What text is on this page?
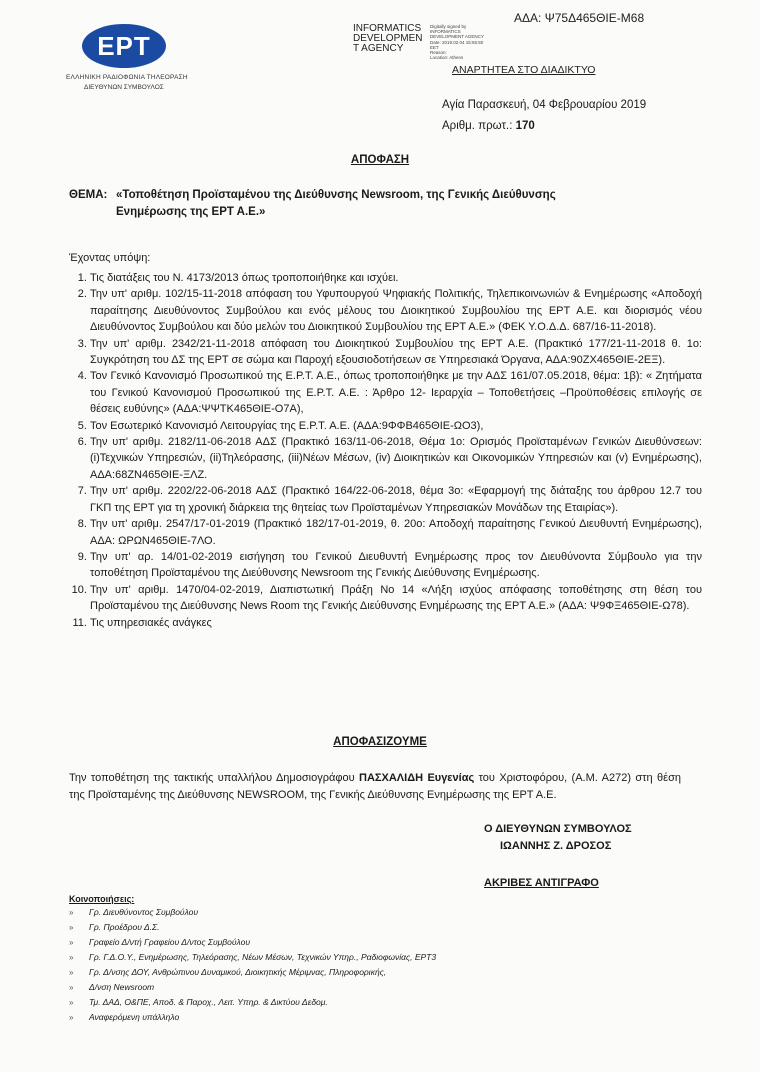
ΕΡΤ
ΕΛΛΗΝΙΚΗ ΡΑΔΙΟΦΩΝΙΑ ΤΗΛΕΟΡΑΣΗ
ΔΙΕΥΘΥΝΩΝ ΣΥΜΒΟΥΛΟΣ
INFORMATICS
DEVELOPMEN
T AGENCY
Digitally signed by
INFORMATICS
DEVELOPMENT AGENCY
Date: 2019.02.04 15:55:50
EET
Reason:
Location: Athens
ΑΔΑ: Ψ75Δ465ΘΙΕ-Μ68
ΑΝΑΡΤΗΤΕΑ ΣΤΟ ΔΙΑΔΙΚΤΥΟ
Αγία Παρασκευή, 04 Φεβρουαρίου 2019
Αριθμ. πρωτ.: 170
ΑΠΟΦΑΣΗ
ΘΕΜΑ: «Τοποθέτηση Προϊσταμένου της Διεύθυνσης Newsroom, της Γενικής Διεύθυνσης
Ενημέρωσης της ΕΡΤ Α.Ε.»
Έχοντας υπόψη:
1. Τις διατάξεις του Ν. 4173/2013 όπως τροποποιήθηκε και ισχύει.
2. Την υπ' αριθμ. 102/15-11-2018 απόφαση του Υφυπουργού Ψηφιακής Πολιτικής, Τηλεπικοινωνιών & Ενημέρωσης «Αποδοχή παραίτησης Διευθύνοντος Συμβούλου και ενός μέλους του Διοικητικού Συμβουλίου της ΕΡΤ Α.Ε. και διορισμός νέου Διευθύνοντος Συμβούλου και δύο μελών του Διοικητικού Συμβουλίου της ΕΡΤ Α.Ε.» (ΦΕΚ Υ.Ο.Δ.Δ. 687/16-11-2018).
3. Την υπ' αριθμ. 2342/21-11-2018 απόφαση του Διοικητικού Συμβουλίου της ΕΡΤ Α.Ε. (Πρακτικό 177/21-11-2018 θ. 1ο: Συγκρότηση του ΔΣ της ΕΡΤ σε σώμα και Παροχή εξουσιοδοτήσεων σε Υπηρεσιακά Όργανα, ΑΔΑ:90ΖΧ465ΘΙΕ-2ΕΞ).
4. Τον Γενικό Κανονισμό Προσωπικού της Ε.Ρ.Τ. Α.Ε., όπως τροποποιήθηκε με την ΑΔΣ 161/07.05.2018, θέμα: 1β): « Ζητήματα του Γενικού Κανονισμού Προσωπικού της Ε.Ρ.Τ. Α.Ε. : Άρθρο 12- Ιεραρχία – Τοποθετήσεις –Προϋποθέσεις επιλογής σε θέσεις ευθύνης» (ΑΔΑ:ΨΨΤΚ465ΘΙΕ-Ο7Α),
5. Τον Εσωτερικό Κανονισμό Λειτουργίας της Ε.Ρ.Τ. Α.Ε. (ΑΔΑ:9ΦΦΒ465ΘΙΕ-ΩΟ3),
6. Την υπ' αριθμ. 2182/11-06-2018 ΑΔΣ (Πρακτικό 163/11-06-2018, Θέμα 1ο: Ορισμός Προϊσταμένων Γενικών Διευθύνσεων: (i)Τεχνικών Υπηρεσιών, (ii)Τηλεόρασης, (iii)Νέων Μέσων, (iv) Διοικητικών και Οικονομικών Υπηρεσιών και (v) Ενημέρωσης), ΑΔΑ:68ΖΝ465ΘΙΕ-ΞΛΖ.
7. Την υπ' αριθμ. 2202/22-06-2018 ΑΔΣ (Πρακτικό 164/22-06-2018, θέμα 3ο: «Εφαρμογή της διάταξης του άρθρου 12.7 του ΓΚΠ της ΕΡΤ για τη χρονική διάρκεια της θητείας των Προϊσταμένων Υπηρεσιακών Μονάδων της Εταιρίας»).
8. Την υπ' αριθμ. 2547/17-01-2019 (Πρακτικό 182/17-01-2019, θ. 20ο: Αποδοχή παραίτησης Γενικού Διευθυντή Ενημέρωσης), ΑΔΑ: ΩΡΩΝ465ΘΙΕ-7ΛΟ.
9. Την υπ' αρ. 14/01-02-2019 εισήγηση του Γενικού Διευθυντή Ενημέρωσης προς τον Διευθύνοντα Σύμβουλο για την τοποθέτηση Προϊσταμένου της Διεύθυνσης Newsroom της Γενικής Διεύθυνσης Ενημέρωσης.
10. Την υπ' αριθμ. 1470/04-02-2019, Διαπιστωτική Πράξη Νο 14 «Λήξη ισχύος απόφασης τοποθέτησης στη θέση του Προϊσταμένου της Διεύθυνσης News Room της Γενικής Διεύθυνσης Ενημέρωσης της ΕΡΤ Α.Ε.» (ΑΔΑ: Ψ9ΦΞ465ΘΙΕ-Ω78).
11. Τις υπηρεσιακές ανάγκες
ΑΠΟΦΑΣΙΖΟΥΜΕ
Την τοποθέτηση της τακτικής υπαλλήλου Δημοσιογράφου ΠΑΣΧΑΛΙΔΗ Ευγενίας του Χριστοφόρου, (Α.Μ. Α272) στη θέση της Προϊσταμένης της Διεύθυνσης NEWSROOM, της Γενικής Διεύθυνσης Ενημέρωσης της ΕΡΤ Α.Ε.
Ο ΔΙΕΥΘΥΝΩΝ ΣΥΜΒΟΥΛΟΣ
ΙΩΑΝΝΗΣ Ζ. ΔΡΟΣΟΣ
ΑΚΡΙΒΕΣ ΑΝΤΙΓΡΑΦΟ
Κοινοποιήσεις:
» Γρ. Διευθύνοντος Συμβούλου
» Γρ. Προέδρου Δ.Σ.
» Γραφείο Δ/ντή Γραφείου Δ/ντος Συμβούλου
» Γρ. Γ.Δ.Ο.Υ., Ενημέρωσης, Τηλεόρασης, Νέων Μέσων, Τεχνικών Υπηρ., Ραδιοφωνίας, ΕΡΤ3
» Γρ. Δ/νσης ΔΟΥ, Ανθρώπινου Δυναμικού, Διοικητικής Μέριμνας, Πληροφορικής,
» Δ/νση Newsroom
» Τμ. ΔΑΔ, Ο&ΠΕ, Αποδ. & Παροχ., Λειτ. Υπηρ. & Δικτύου Δεδομ.
» Αναφερόμενη υπάλληλο
